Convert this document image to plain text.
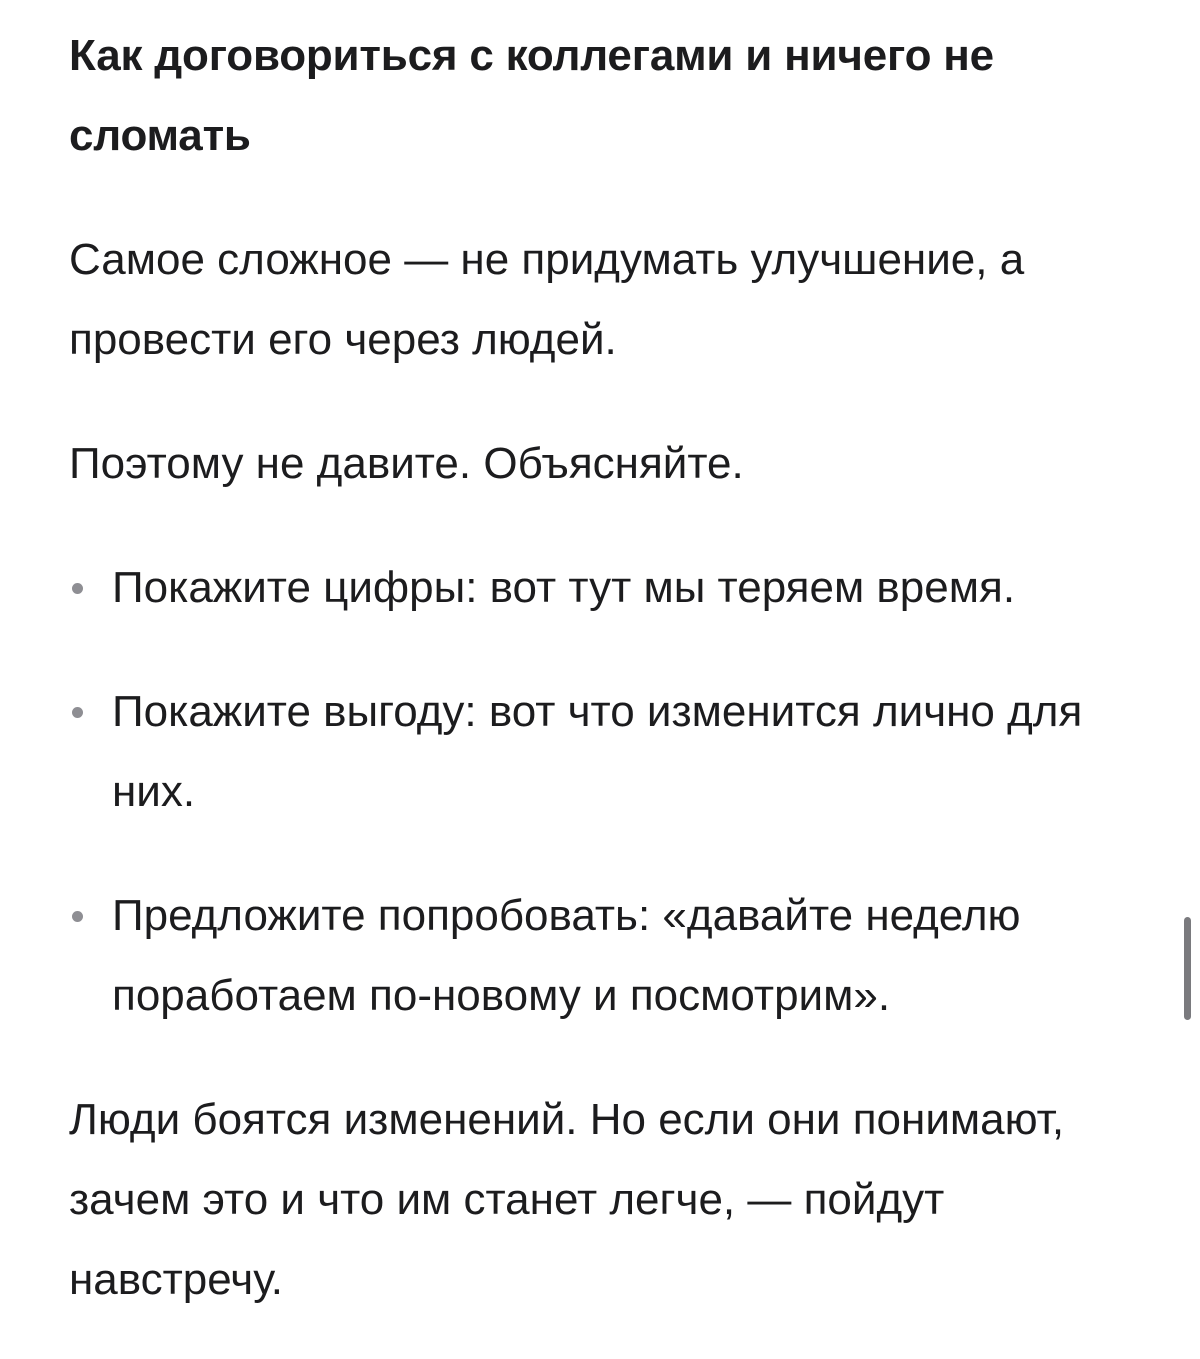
Как договориться с коллегами и ничего не сломать

Самое сложное — не придумать улучшение, а провести его через людей.

Поэтому не давите. Объясняйте.

Покажите цифры: вот тут мы теряем время.
Покажите выгоду: вот что изменится лично для них.
Предложите попробовать: «давайте неделю поработаем по-новому и посмотрим».

Люди боятся изменений. Но если они понимают, зачем это и что им станет легче, — пойдут навстречу.
